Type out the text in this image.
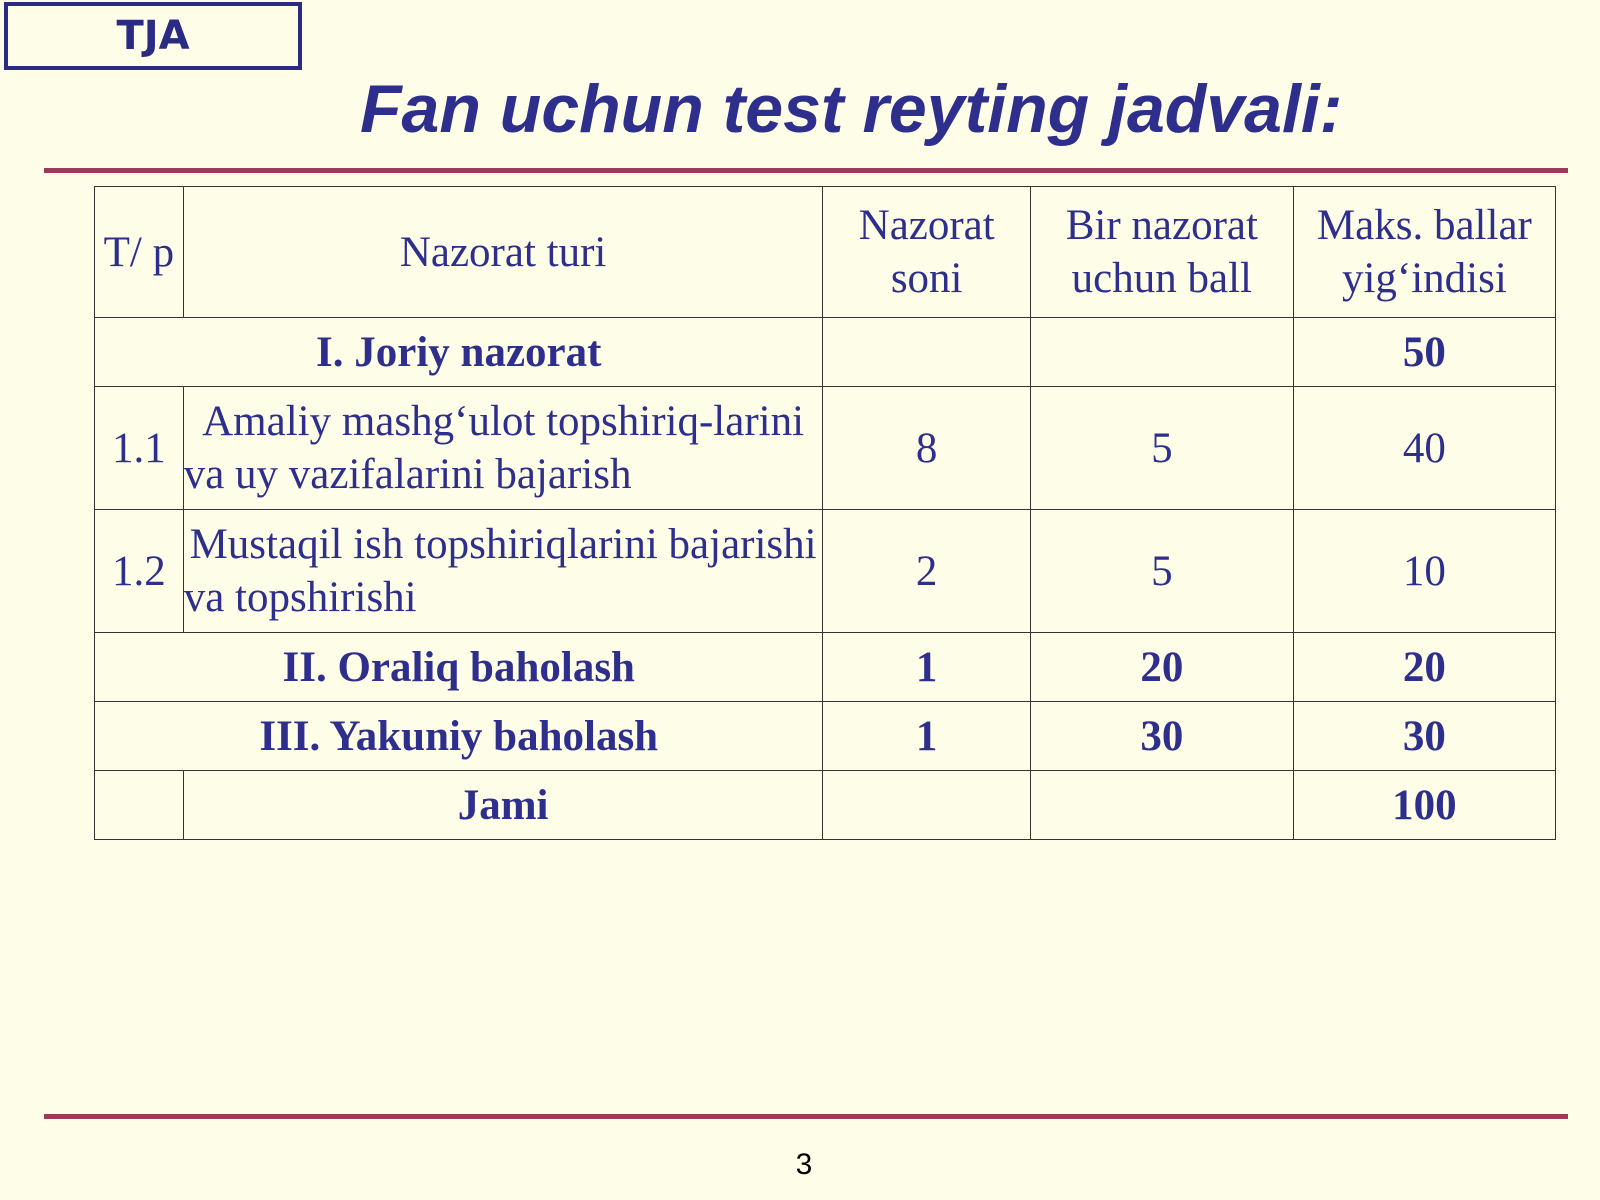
TJA
Fan uchun test reyting jadvali:
T/ p	Nazorat turi	Nazorat soni	Bir nazorat uchun ball	Maks. ballar yig‘indisi
I. Joriy nazorat				50
1.1	Amaliy mashg‘ulot topshiriq-larini va uy vazifalarini bajarish	8	5	40
1.2	Mustaqil ish topshiriqlarini bajarishi va topshirishi	2	5	10
II. Oraliq baholash		1	20	20
III. Yakuniy baholash		1	30	30
	Jami			100
3
